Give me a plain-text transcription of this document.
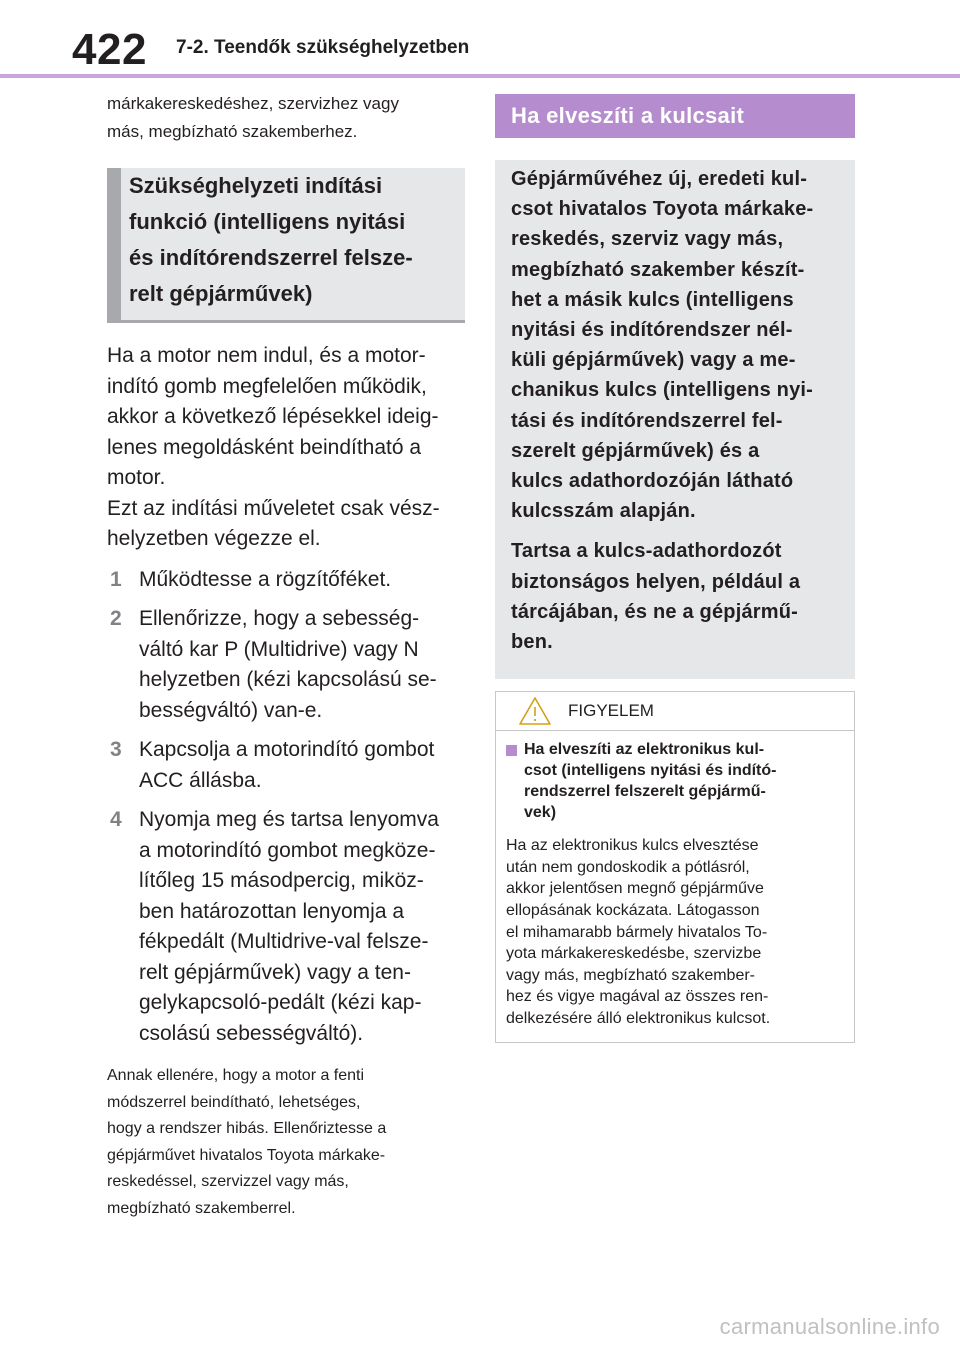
422 7-2. Teendők szükséghelyzetben

márkakereskedéshez, szervizhez vagy
más, megbízható szakemberhez.

Szükséghelyzeti indítási
funkció (intelligens nyitási
és indítórendszerrel felsze-
relt gépjárművek)

Ha a motor nem indul, és a motor-
indító gomb megfelelően működik,
akkor a következő lépésekkel ideig-
lenes megoldásként beindítható a
motor.
Ezt az indítási műveletet csak vész-
helyzetben végezze el.

1 Működtesse a rögzítőféket.
2 Ellenőrizze, hogy a sebesség-
váltó kar P (Multidrive) vagy N
helyzetben (kézi kapcsolású se-
bességváltó) van-e.
3 Kapcsolja a motorindító gombot
ACC állásba.
4 Nyomja meg és tartsa lenyomva
a motorindító gombot megköze-
lítőleg 15 másodpercig, miköz-
ben határozottan lenyomja a
fékpedált (Multidrive-val felsze-
relt gépjárművek) vagy a ten-
gelykapcsoló-pedált (kézi kap-
csolású sebességváltó).

Annak ellenére, hogy a motor a fenti
módszerrel beindítható, lehetséges,
hogy a rendszer hibás. Ellenőriztesse a
gépjárművet hivatalos Toyota márkake-
reskedéssel, szervizzel vagy más,
megbízható szakemberrel.

Ha elveszíti a kulcsait

Gépjárművéhez új, eredeti kul-
csot hivatalos Toyota márkake-
reskedés, szerviz vagy más,
megbízható szakember készít-
het a másik kulcs (intelligens
nyitási és indítórendszer nél-
küli gépjárművek) vagy a me-
chanikus kulcs (intelligens nyi-
tási és indítórendszerrel fel-
szerelt gépjárművek) és a
kulcs adathordozóján látható
kulcsszám alapján.

Tartsa a kulcs-adathordozót
biztonságos helyen, például a
tárcájában, és ne a gépjármű-
ben.

FIGYELEM

Ha elveszíti az elektronikus kul-
csot (intelligens nyitási és indító-
rendszerrel felszerelt gépjármű-
vek)

Ha az elektronikus kulcs elvesztése
után nem gondoskodik a pótlásról,
akkor jelentősen megnő gépjárműve
ellopásának kockázata. Látogasson
el mihamarabb bármely hivatalos To-
yota márkakereskedésbe, szervizbe
vagy más, megbízható szakember-
hez és vigye magával az összes ren-
delkezésére álló elektronikus kulcsot.

carmanualsonline.info
